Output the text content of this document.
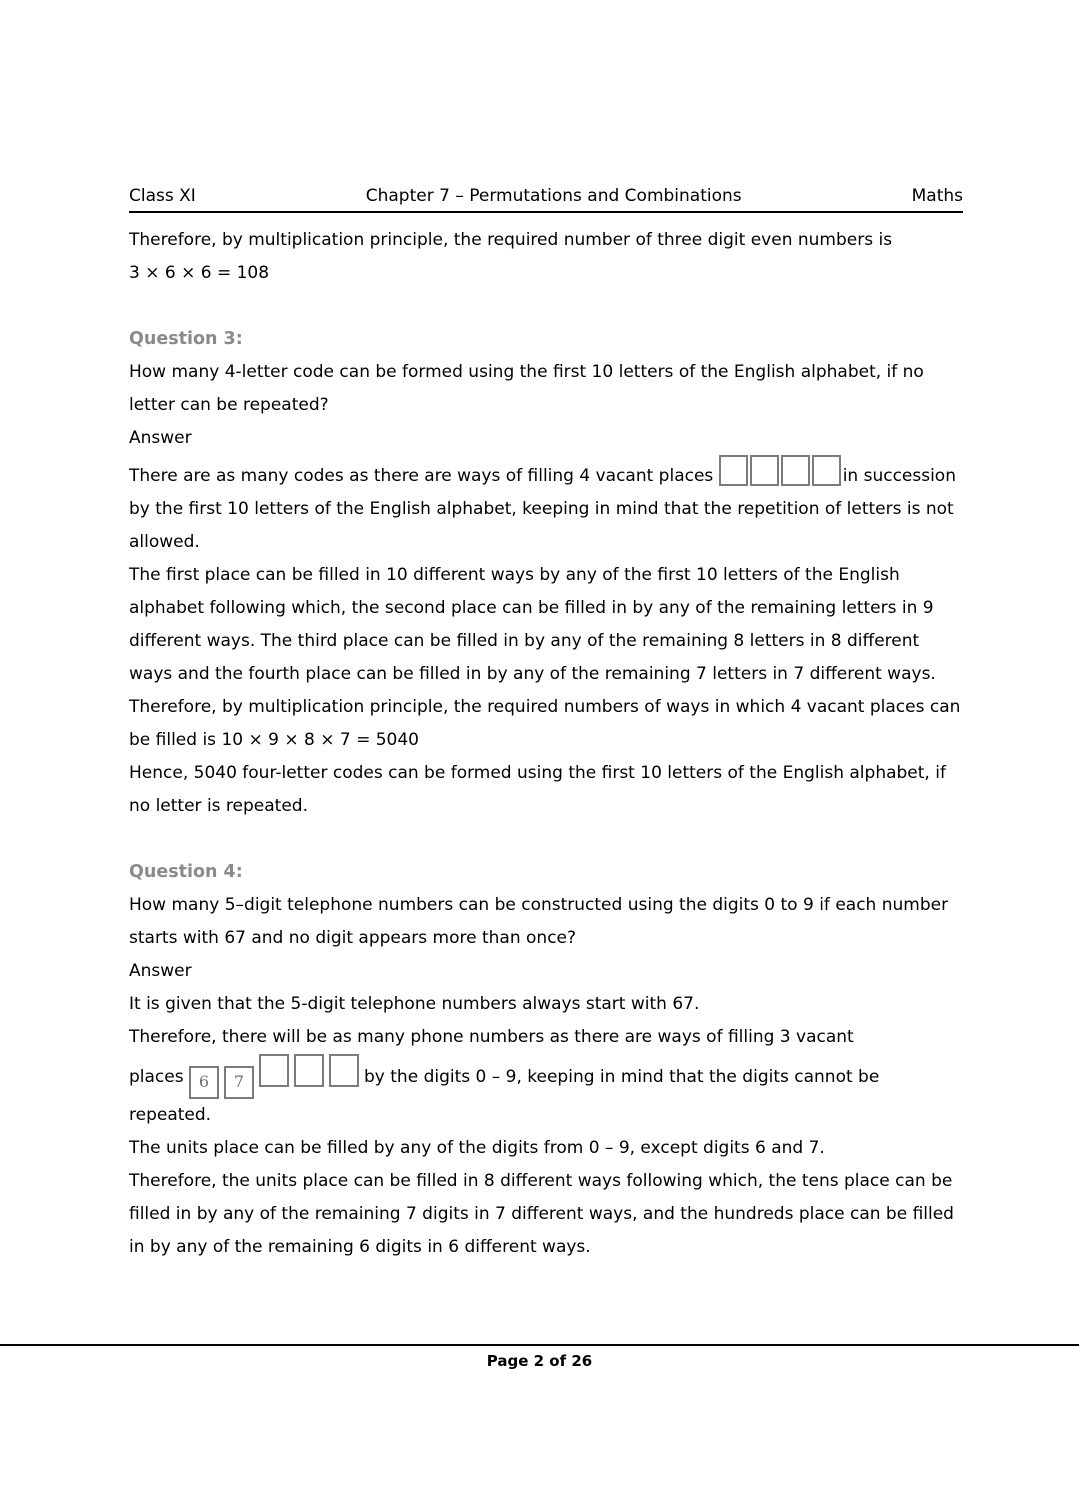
Class XI	Chapter 7 – Permutations and Combinations	Maths

Therefore, by multiplication principle, the required number of three digit even numbers is
3 × 6 × 6 = 108

Question 3:

How many 4-letter code can be formed using the first 10 letters of the English alphabet, if no letter can be repeated?

Answer

There are as many codes as there are ways of filling 4 vacant places	in succession by the first 10 letters of the English alphabet, keeping in mind that the repetition of letters is not allowed.

The first place can be filled in 10 different ways by any of the first 10 letters of the English alphabet following which, the second place can be filled in by any of the remaining letters in 9 different ways. The third place can be filled in by any of the remaining 8 letters in 8 different ways and the fourth place can be filled in by any of the remaining 7 letters in 7 different ways.

Therefore, by multiplication principle, the required numbers of ways in which 4 vacant places can be filled is 10 × 9 × 8 × 7 = 5040

Hence, 5040 four-letter codes can be formed using the first 10 letters of the English alphabet, if no letter is repeated.

Question 4:

How many 5–digit telephone numbers can be constructed using the digits 0 to 9 if each number starts with 67 and no digit appears more than once?

Answer

It is given that the 5-digit telephone numbers always start with 67.

Therefore, there will be as many phone numbers as there are ways of filling 3 vacant
places 6 7	by the digits 0 – 9, keeping in mind that the digits cannot be repeated.

The units place can be filled by any of the digits from 0 – 9, except digits 6 and 7.

Therefore, the units place can be filled in 8 different ways following which, the tens place can be filled in by any of the remaining 7 digits in 7 different ways, and the hundreds place can be filled in by any of the remaining 6 digits in 6 different ways.

Page 2 of 26
